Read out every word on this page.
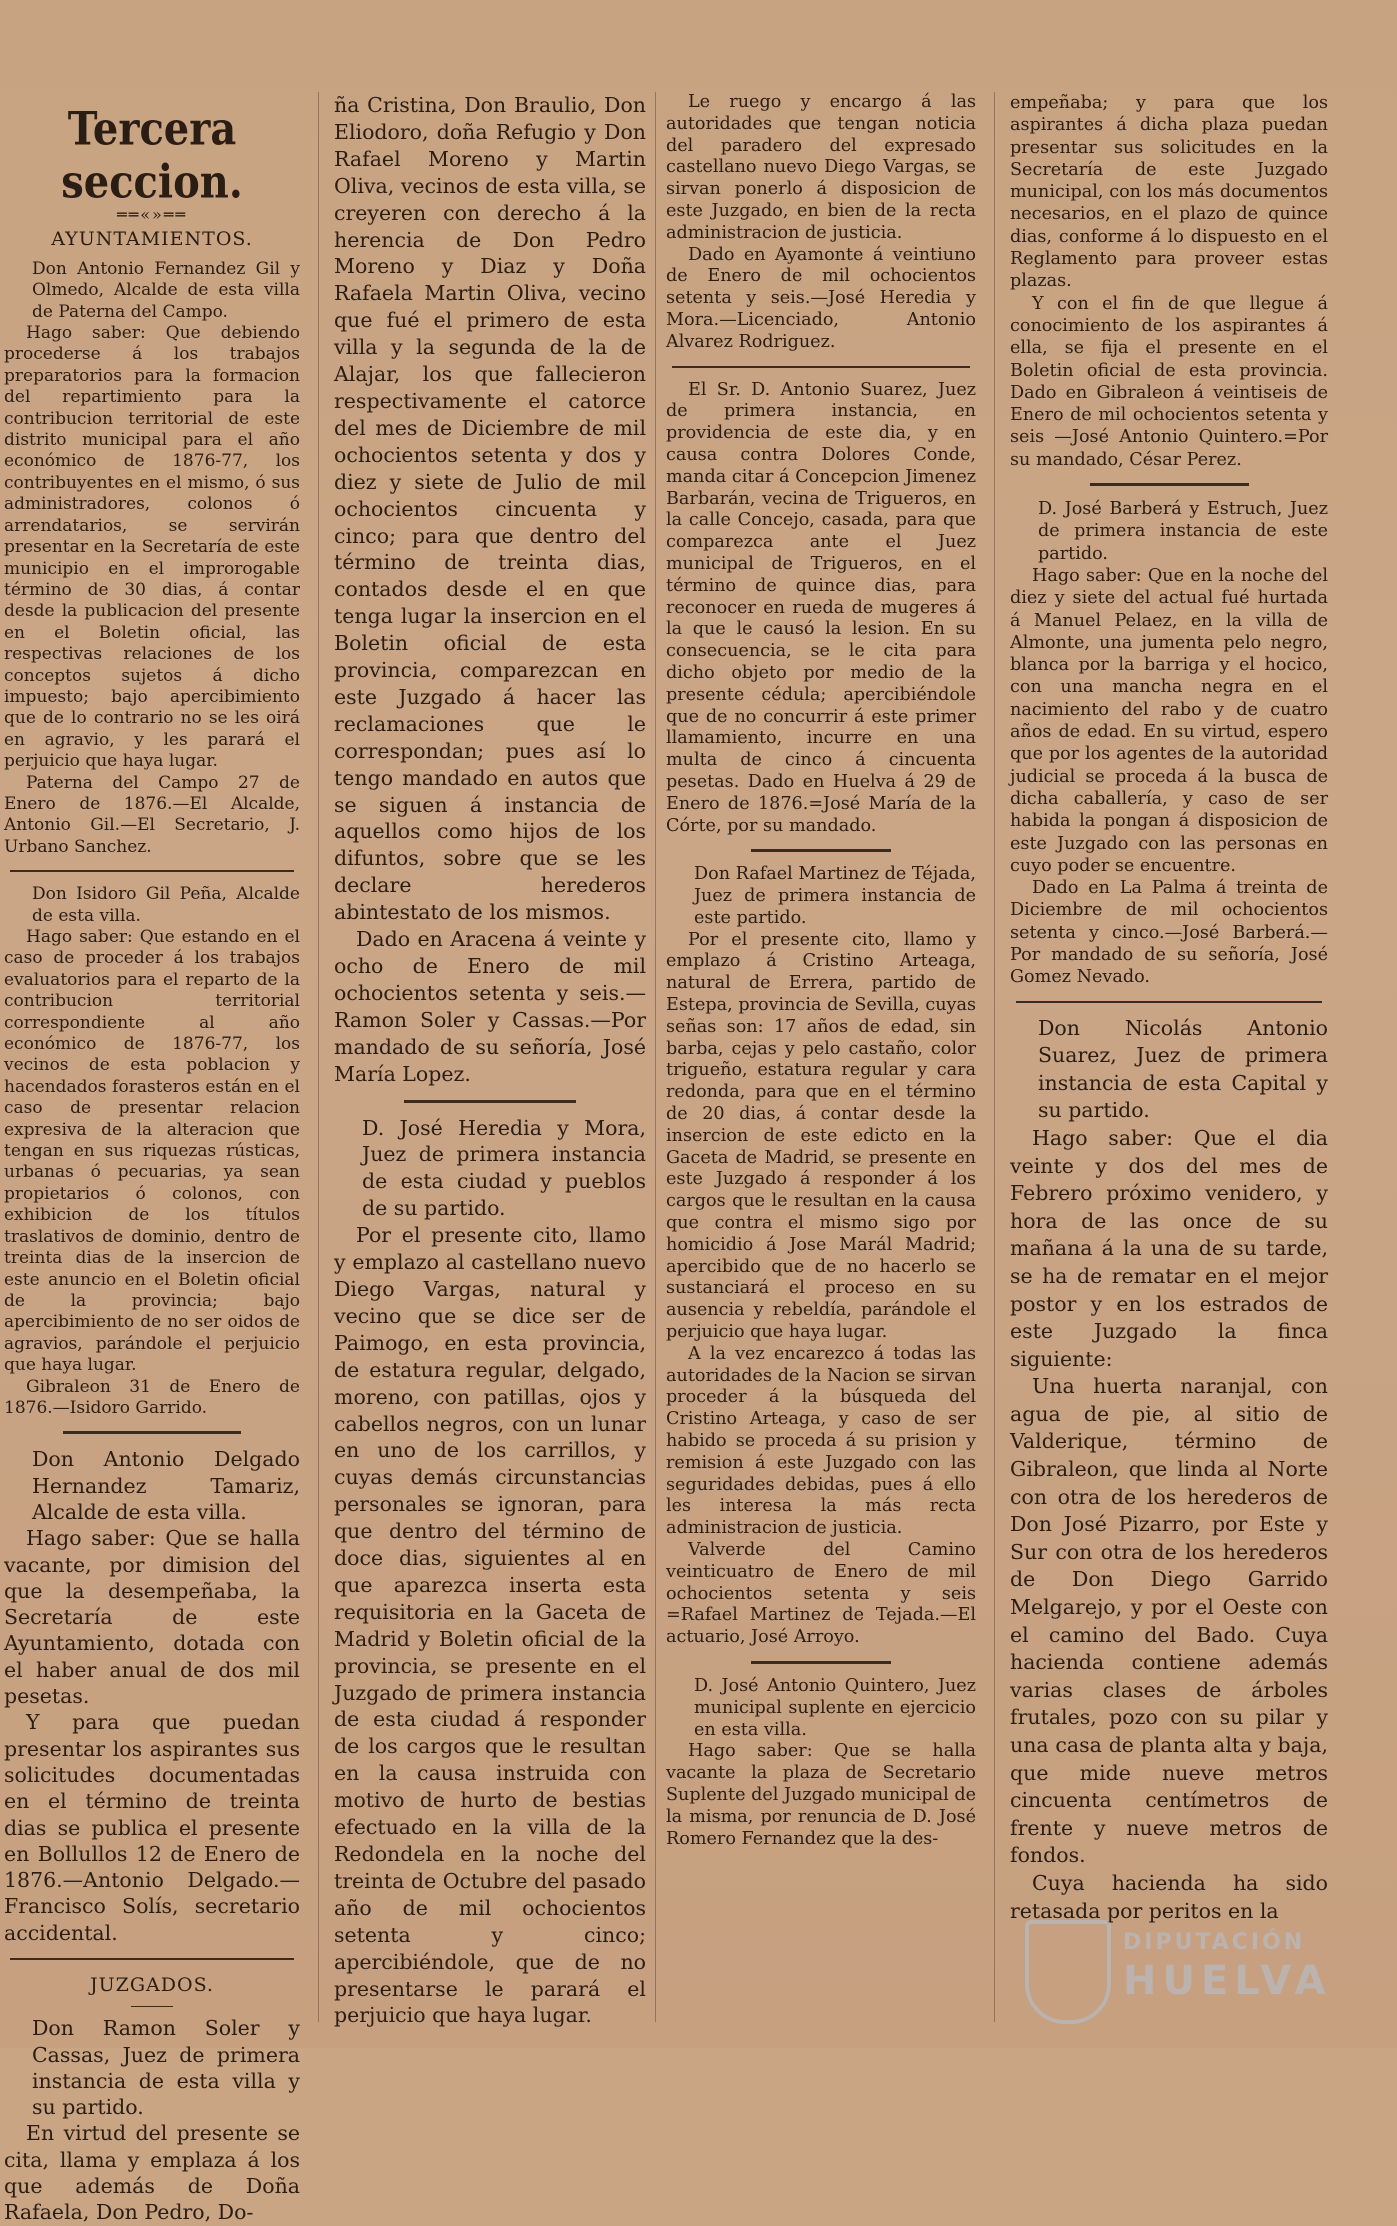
Tercera seccion.
══«»══
AYUNTAMIENTOS.

Don Antonio Fernandez Gil y Olmedo, Alcalde de esta villa de Paterna del Campo.

Hago saber: Que debiendo procederse á los trabajos preparatorios para la formacion del repartimiento para la contribucion territorial de este distrito municipal para el año económico de 1876-77, los contribuyentes en el mismo, ó sus administradores, colonos ó arrendatarios, se servirán presentar en la Secretaría de este municipio en el improrogable término de 30 dias, á contar desde la publicacion del presente en el Boletin oficial, las respectivas relaciones de los conceptos sujetos á dicho impuesto; bajo apercibimiento que de lo contrario no se les oirá en agravio, y les parará el perjuicio que haya lugar.

Paterna del Campo 27 de Enero de 1876.—El Alcalde, Antonio Gil.—El Secretario, J. Urbano Sanchez.

Don Isidoro Gil Peña, Alcalde de esta villa.

Hago saber: Que estando en el caso de proceder á los trabajos evaluatorios para el reparto de la contribucion territorial correspondiente al año económico de 1876-77, los vecinos de esta poblacion y hacendados forasteros están en el caso de presentar relacion expresiva de la alteracion que tengan en sus riquezas rústicas, urbanas ó pecuarias, ya sean propietarios ó colonos, con exhibicion de los títulos traslativos de dominio, dentro de treinta dias de la insercion de este anuncio en el Boletin oficial de la provincia; bajo apercibimiento de no ser oidos de agravios, parándole el perjuicio que haya lugar.

Gibraleon 31 de Enero de 1876.—Isidoro Garrido.

Don Antonio Delgado Hernandez Tamariz, Alcalde de esta villa.

Hago saber: Que se halla vacante, por dimision del que la desempeñaba, la Secretaría de este Ayuntamiento, dotada con el haber anual de dos mil pesetas.

Y para que puedan presentar los aspirantes sus solicitudes documentadas en el término de treinta dias se publica el presente en Bollullos 12 de Enero de 1876.—Antonio Delgado.—Francisco Solís, secretario accidental.

JUZGADOS.

Don Ramon Soler y Cassas, Juez de primera instancia de esta villa y su partido.

En virtud del presente se cita, llama y emplaza á los que además de Doña Rafaela, Don Pedro, Do-

ña Cristina, Don Braulio, Don Eliodoro, doña Refugio y Don Rafael Moreno y Martin Oliva, vecinos de esta villa, se creyeren con derecho á la herencia de Don Pedro Moreno y Diaz y Doña Rafaela Martin Oliva, vecino que fué el primero de esta villa y la segunda de la de Alajar, los que fallecieron respectivamente el catorce del mes de Diciembre de mil ochocientos setenta y dos y diez y siete de Julio de mil ochocientos cincuenta y cinco; para que dentro del término de treinta dias, contados desde el en que tenga lugar la insercion en el Boletin oficial de esta provincia, comparezcan en este Juzgado á hacer las reclamaciones que le correspondan; pues así lo tengo mandado en autos que se siguen á instancia de aquellos como hijos de los difuntos, sobre que se les declare herederos abintestato de los mismos.

Dado en Aracena á veinte y ocho de Enero de mil ochocientos setenta y seis.—Ramon Soler y Cassas.—Por mandado de su señoría, José María Lopez.

D. José Heredia y Mora, Juez de primera instancia de esta ciudad y pueblos de su partido.

Por el presente cito, llamo y emplazo al castellano nuevo Diego Vargas, natural y vecino que se dice ser de Paimogo, en esta provincia, de estatura regular, delgado, moreno, con patillas, ojos y cabellos negros, con un lunar en uno de los carrillos, y cuyas demás circunstancias personales se ignoran, para que dentro del término de doce dias, siguientes al en que aparezca inserta esta requisitoria en la Gaceta de Madrid y Boletin oficial de la provincia, se presente en el Juzgado de primera instancia de esta ciudad á responder de los cargos que le resultan en la causa instruida con motivo de hurto de bestias efectuado en la villa de la Redondela en la noche del treinta de Octubre del pasado año de mil ochocientos setenta y cinco; apercibiéndole, que de no presentarse le parará el perjuicio que haya lugar.

Le ruego y encargo á las autoridades que tengan noticia del paradero del expresado castellano nuevo Diego Vargas, se sirvan ponerlo á disposicion de este Juzgado, en bien de la recta administracion de justicia.

Dado en Ayamonte á veintiuno de Enero de mil ochocientos setenta y seis.—José Heredia y Mora.—Licenciado, Antonio Alvarez Rodriguez.

El Sr. D. Antonio Suarez, Juez de primera instancia, en providencia de este dia, y en causa contra Dolores Conde, manda citar á Concepcion Jimenez Barbarán, vecina de Trigueros, en la calle Concejo, casada, para que comparezca ante el Juez municipal de Trigueros, en el término de quince dias, para reconocer en rueda de mugeres á la que le causó la lesion. En su consecuencia, se le cita para dicho objeto por medio de la presente cédula; apercibiéndole que de no concurrir á este primer llamamiento, incurre en una multa de cinco á cincuenta pesetas. Dado en Huelva á 29 de Enero de 1876.=José María de la Córte, por su mandado.

Don Rafael Martinez de Téjada, Juez de primera instancia de este partido.

Por el presente cito, llamo y emplazo á Cristino Arteaga, natural de Errera, partido de Estepa, provincia de Sevilla, cuyas señas son: 17 años de edad, sin barba, cejas y pelo castaño, color trigueño, estatura regular y cara redonda, para que en el término de 20 dias, á contar desde la insercion de este edicto en la Gaceta de Madrid, se presente en este Juzgado á responder á los cargos que le resultan en la causa que contra el mismo sigo por homicidio á Jose Marál Madrid; apercibido que de no hacerlo se sustanciará el proceso en su ausencia y rebeldía, parándole el perjuicio que haya lugar.

A la vez encarezco á todas las autoridades de la Nacion se sirvan proceder á la búsqueda del Cristino Arteaga, y caso de ser habido se proceda á su prision y remision á este Juzgado con las seguridades debidas, pues á ello les interesa la más recta administracion de justicia.

Valverde del Camino veinticuatro de Enero de mil ochocientos setenta y seis =Rafael Martinez de Tejada.—El actuario, José Arroyo.

D. José Antonio Quintero, Juez municipal suplente en ejercicio en esta villa.

Hago saber: Que se halla vacante la plaza de Secretario Suplente del Juzgado municipal de la misma, por renuncia de D. José Romero Fernandez que la des-

empeñaba; y para que los aspirantes á dicha plaza puedan presentar sus solicitudes en la Secretaría de este Juzgado municipal, con los más documentos necesarios, en el plazo de quince dias, conforme á lo dispuesto en el Reglamento para proveer estas plazas.

Y con el fin de que llegue á conocimiento de los aspirantes á ella, se fija el presente en el Boletin oficial de esta provincia. Dado en Gibraleon á veintiseis de Enero de mil ochocientos setenta y seis —José Antonio Quintero.=Por su mandado, César Perez.

D. José Barberá y Estruch, Juez de primera instancia de este partido.

Hago saber: Que en la noche del diez y siete del actual fué hurtada á Manuel Pelaez, en la villa de Almonte, una jumenta pelo negro, blanca por la barriga y el hocico, con una mancha negra en el nacimiento del rabo y de cuatro años de edad. En su virtud, espero que por los agentes de la autoridad judicial se proceda á la busca de dicha caballería, y caso de ser habida la pongan á disposicion de este Juzgado con las personas en cuyo poder se encuentre.

Dado en La Palma á treinta de Diciembre de mil ochocientos setenta y cinco.—José Barberá.—Por mandado de su señoría, José Gomez Nevado.

Don Nicolás Antonio Suarez, Juez de primera instancia de esta Capital y su partido.

Hago saber: Que el dia veinte y dos del mes de Febrero próximo venidero, y hora de las once de su mañana á la una de su tarde, se ha de rematar en el mejor postor y en los estrados de este Juzgado la finca siguiente:

Una huerta naranjal, con agua de pie, al sitio de Valderique, término de Gibraleon, que linda al Norte con otra de los herederos de Don José Pizarro, por Este y Sur con otra de los herederos de Don Diego Garrido Melgarejo, y por el Oeste con el camino del Bado. Cuya hacienda contiene además varias clases de árboles frutales, pozo con su pilar y una casa de planta alta y baja, que mide nueve metros cincuenta centímetros de frente y nueve metros de fondos.

Cuya hacienda ha sido retasada por peritos en la

DIPUTACIÓN
HUELVA
